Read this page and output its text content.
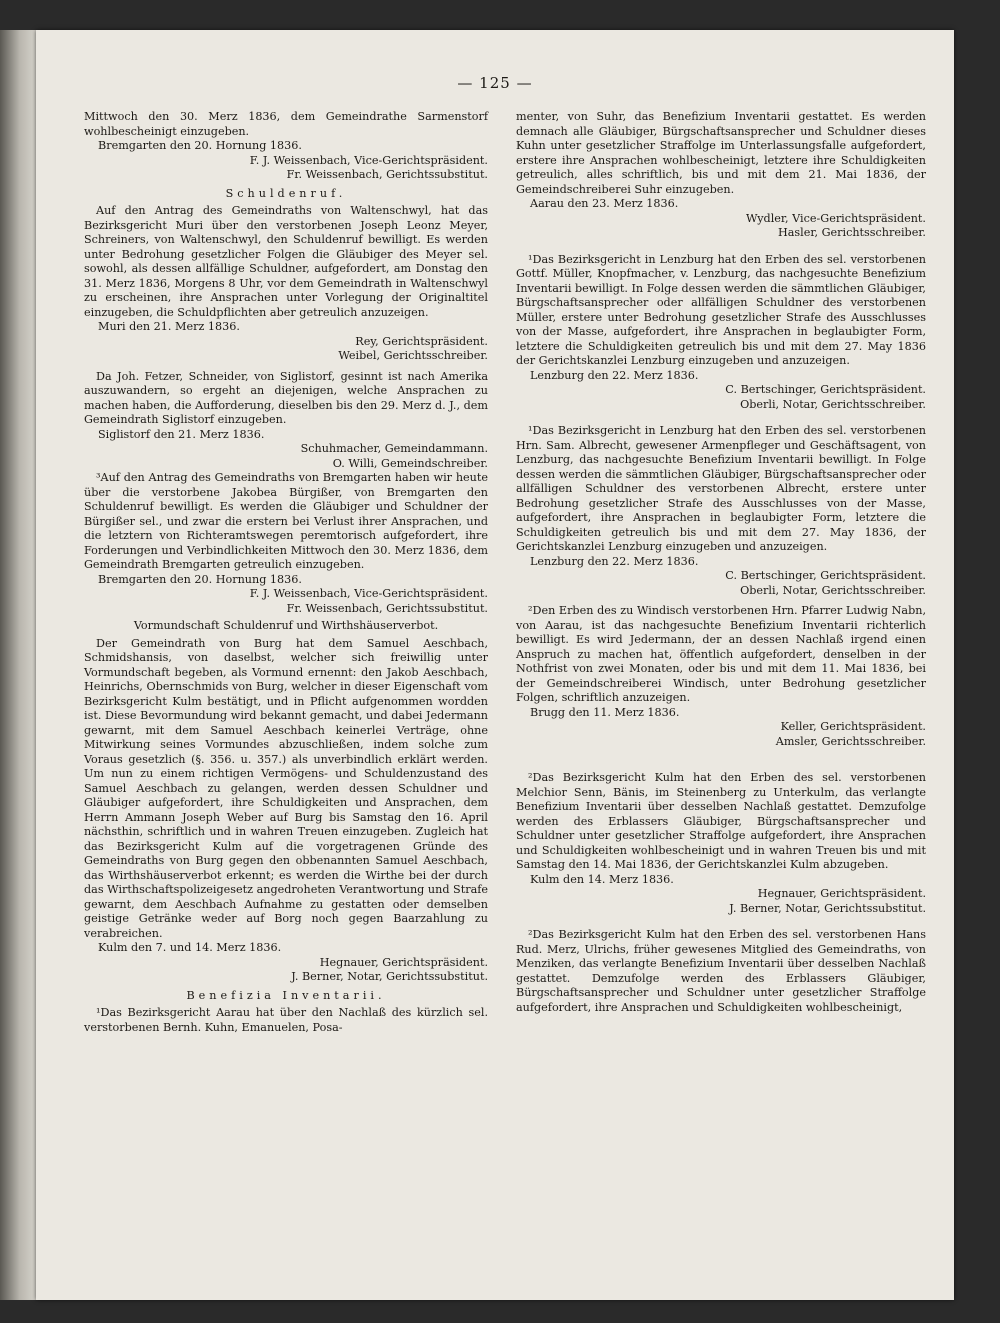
— 125 —

Mittwoch den 30. Merz 1836, dem Gemeindrathe Sarmenstorf wohlbescheinigt einzugeben.

Bremgarten den 20. Hornung 1836.

F. J. Weissenbach, Vice-Gerichtspräsident.

Fr. Weissenbach, Gerichtssubstitut.

Schuldenruf.

Auf den Antrag des Gemeindraths von Waltenschwyl, hat das Bezirksgericht Muri über den verstorbenen Joseph Leonz Meyer, Schreiners, von Waltenschwyl, den Schuldenruf bewilligt. Es werden unter Bedrohung gesetzlicher Folgen die Gläubiger des Meyer sel. sowohl, als dessen allfällige Schuldner, aufgefordert, am Donstag den 31. Merz 1836, Morgens 8 Uhr, vor dem Gemeindrath in Waltenschwyl zu erscheinen, ihre Ansprachen unter Vorlegung der Originaltitel einzugeben, die Schuldpflichten aber getreulich anzuzeigen.

Muri den 21. Merz 1836.

Rey, Gerichtspräsident.

Weibel, Gerichtsschreiber.

Da Joh. Fetzer, Schneider, von Siglistorf, gesinnt ist nach Amerika auszuwandern, so ergeht an diejenigen, welche Ansprachen zu machen haben, die Aufforderung, dieselben bis den 29. Merz d. J., dem Gemeindrath Siglistorf einzugeben.

Siglistorf den 21. Merz 1836.

Schuhmacher, Gemeindammann.

O. Willi, Gemeindschreiber.

³Auf den Antrag des Gemeindraths von Bremgarten haben wir heute über die verstorbene Jakobea Bürgißer, von Bremgarten den Schuldenruf bewilligt. Es werden die Gläubiger und Schuldner der Bürgißer sel., und zwar die erstern bei Verlust ihrer Ansprachen, und die letztern von Richteramtswegen peremtorisch aufgefordert, ihre Forderungen und Verbindlichkeiten Mittwoch den 30. Merz 1836, dem Gemeindrath Bremgarten getreulich einzugeben.

Bremgarten den 20. Hornung 1836.

F. J. Weissenbach, Vice-Gerichtspräsident.

Fr. Weissenbach, Gerichtssubstitut.

Vormundschaft Schuldenruf und Wirthshäuserverbot.

Der Gemeindrath von Burg hat dem Samuel Aeschbach, Schmidshansis, von daselbst, welcher sich freiwillig unter Vormundschaft begeben, als Vormund ernennt: den Jakob Aeschbach, Heinrichs, Obernschmids von Burg, welcher in dieser Eigenschaft vom Bezirksgericht Kulm bestätigt, und in Pflicht aufgenommen wordden ist. Diese Bevormundung wird bekannt gemacht, und dabei Jedermann gewarnt, mit dem Samuel Aeschbach keinerlei Verträge, ohne Mitwirkung seines Vormundes abzuschließen, indem solche zum Voraus gesetzlich (§. 356. u. 357.) als unverbindlich erklärt werden. Um nun zu einem richtigen Vermögens- und Schuldenzustand des Samuel Aeschbach zu gelangen, werden dessen Schuldner und Gläubiger aufgefordert, ihre Schuldigkeiten und Ansprachen, dem Herrn Ammann Joseph Weber auf Burg bis Samstag den 16. April nächsthin, schriftlich und in wahren Treuen einzugeben. Zugleich hat das Bezirksgericht Kulm auf die vorgetragenen Gründe des Gemeindraths von Burg gegen den obbenannten Samuel Aeschbach, das Wirthshäuserverbot erkennt; es werden die Wirthe bei der durch das Wirthschaftspolizeigesetz angedroheten Verantwortung und Strafe gewarnt, dem Aeschbach Aufnahme zu gestatten oder demselben geistige Getränke weder auf Borg noch gegen Baarzahlung zu verabreichen.

Kulm den 7. und 14. Merz 1836.

Hegnauer, Gerichtspräsident.

J. Berner, Notar, Gerichtssubstitut.

Benefizia Inventarii.

¹Das Bezirksgericht Aarau hat über den Nachlaß des kürzlich sel. verstorbenen Bernh. Kuhn, Emanuelen, Posa-

menter, von Suhr, das Benefizium Inventarii gestattet. Es werden demnach alle Gläubiger, Bürgschaftsansprecher und Schuldner dieses Kuhn unter gesetzlicher Straffolge im Unterlassungsfalle aufgefordert, erstere ihre Ansprachen wohlbescheinigt, letztere ihre Schuldigkeiten getreulich, alles schriftlich, bis und mit dem 21. Mai 1836, der Gemeindschreiberei Suhr einzugeben.

Aarau den 23. Merz 1836.

Wydler, Vice-Gerichtspräsident.

Hasler, Gerichtsschreiber.

¹Das Bezirksgericht in Lenzburg hat den Erben des sel. verstorbenen Gottf. Müller, Knopfmacher, v. Lenzburg, das nachgesuchte Benefizium Inventarii bewilligt. In Folge dessen werden die sämmtlichen Gläubiger, Bürgschaftsansprecher oder allfälligen Schuldner des verstorbenen Müller, erstere unter Bedrohung gesetzlicher Strafe des Ausschlusses von der Masse, aufgefordert, ihre Ansprachen in beglaubigter Form, letztere die Schuldigkeiten getreulich bis und mit dem 27. May 1836 der Gerichtskanzlei Lenzburg einzugeben und anzuzeigen.

Lenzburg den 22. Merz 1836.

C. Bertschinger, Gerichtspräsident.

Oberli, Notar, Gerichtsschreiber.

¹Das Bezirksgericht in Lenzburg hat den Erben des sel. verstorbenen Hrn. Sam. Albrecht, gewesener Armenpfleger und Geschäftsagent, von Lenzburg, das nachgesuchte Benefizium Inventarii bewilligt. In Folge dessen werden die sämmtlichen Gläubiger, Bürgschaftsansprecher oder allfälligen Schuldner des verstorbenen Albrecht, erstere unter Bedrohung gesetzlicher Strafe des Ausschlusses von der Masse, aufgefordert, ihre Ansprachen in beglaubigter Form, letztere die Schuldigkeiten getreulich bis und mit dem 27. May 1836, der Gerichtskanzlei Lenzburg einzugeben und anzuzeigen.

Lenzburg den 22. Merz 1836.

C. Bertschinger, Gerichtspräsident.

Oberli, Notar, Gerichtsschreiber.

²Den Erben des zu Windisch verstorbenen Hrn. Pfarrer Ludwig Nabn, von Aarau, ist das nachgesuchte Benefizium Inventarii richterlich bewilligt. Es wird Jedermann, der an dessen Nachlaß irgend einen Anspruch zu machen hat, öffentlich aufgefordert, denselben in der Nothfrist von zwei Monaten, oder bis und mit dem 11. Mai 1836, bei der Gemeindschreiberei Windisch, unter Bedrohung gesetzlicher Folgen, schriftlich anzuzeigen.

Brugg den 11. Merz 1836.

Keller, Gerichtspräsident.

Amsler, Gerichtsschreiber.

²Das Bezirksgericht Kulm hat den Erben des sel. verstorbenen Melchior Senn, Bänis, im Steinenberg zu Unterkulm, das verlangte Benefizium Inventarii über desselben Nachlaß gestattet. Demzufolge werden des Erblassers Gläubiger, Bürgschaftsansprecher und Schuldner unter gesetzlicher Straffolge aufgefordert, ihre Ansprachen und Schuldigkeiten wohlbescheinigt und in wahren Treuen bis und mit Samstag den 14. Mai 1836, der Gerichtskanzlei Kulm abzugeben.

Kulm den 14. Merz 1836.

Hegnauer, Gerichtspräsident.

J. Berner, Notar, Gerichtssubstitut.

²Das Bezirksgericht Kulm hat den Erben des sel. verstorbenen Hans Rud. Merz, Ulrichs, früher gewesenes Mitglied des Gemeindraths, von Menziken, das verlangte Benefizium Inventarii über desselben Nachlaß gestattet. Demzufolge werden des Erblassers Gläubiger, Bürgschaftsansprecher und Schuldner unter gesetzlicher Straffolge aufgefordert, ihre Ansprachen und Schuldigkeiten wohlbescheinigt,
